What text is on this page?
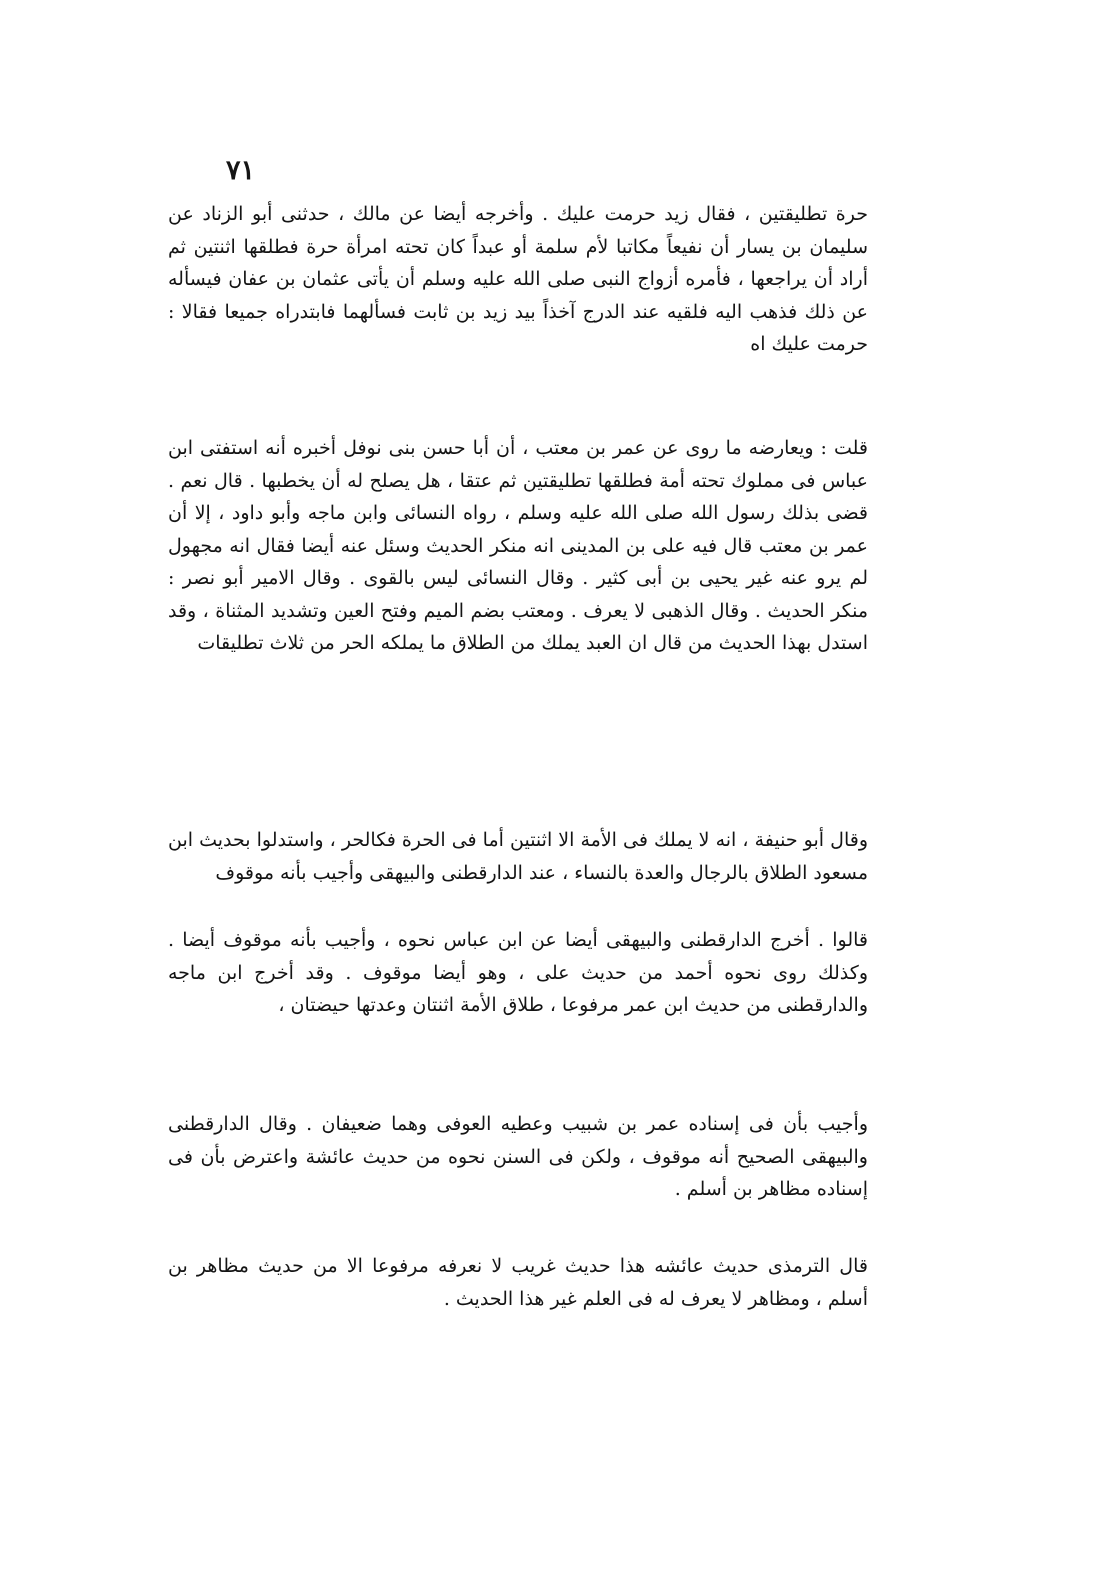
٧١
حرة تطليقتين ، فقال زيد حرمت عليك . وأخرجه أيضا عن مالك ، حدثنى أبو الزناد عن سليمان بن يسار أن نفيعاً مكاتبا لأم سلمة أو عبداً كان تحته امرأة حرة فطلقها اثنتين ثم أراد أن يراجعها ، فأمره أزواج النبى صلى الله عليه وسلم أن يأتى عثمان بن عفان فيسأله عن ذلك فذهب اليه فلقيه عند الدرج آخذاً بيد زيد بن ثابت فسألهما فابتدراه جميعا فقالا : حرمت عليك اه
قلت : ويعارضه ما روى عن عمر بن معتب ، أن أبا حسن بنى نوفل أخبره أنه استفتى ابن عباس فى مملوك تحته أمة فطلقها تطليقتين ثم عتقا ، هل يصلح له أن يخطبها . قال نعم . قضى بذلك رسول الله صلى الله عليه وسلم ، رواه النسائى وابن ماجه وأبو داود ، إلا أن عمر بن معتب قال فيه على بن المدينى انه منكر الحديث وسئل عنه أيضا فقال انه مجهول لم يرو عنه غير يحيى بن أبى كثير . وقال النسائى ليس بالقوى . وقال الامير أبو نصر : منكر الحديث . وقال الذهبى لا يعرف . ومعتب بضم الميم وفتح العين وتشديد المثناة ، وقد استدل بهذا الحديث من قال ان العبد يملك من الطلاق ما يملكه الحر من ثلاث تطليقات
وقال أبو حنيفة ، انه لا يملك فى الأمة الا اثنتين أما فى الحرة فكالحر ، واستدلوا بحديث ابن مسعود الطلاق بالرجال والعدة بالنساء ، عند الدارقطنى والبيهقى وأجيب بأنه موقوف
قالوا . أخرج الدارقطنى والبيهقى أيضا عن ابن عباس نحوه ، وأجيب بأنه موقوف أيضا . وكذلك روى نحوه أحمد من حديث على ، وهو أيضا موقوف . وقد أخرج ابن ماجه والدارقطنى من حديث ابن عمر مرفوعا ، طلاق الأمة اثنتان وعدتها حيضتان ،
وأجيب بأن فى إسناده عمر بن شبيب وعطيه العوفى وهما ضعيفان . وقال الدارقطنى والبيهقى الصحيح أنه موقوف ، ولكن فى السنن نحوه من حديث عائشة واعترض بأن فى إسناده مظاهر بن أسلم .
قال الترمذى حديث عائشه هذا حديث غريب لا نعرفه مرفوعا الا من حديث مظاهر بن أسلم ، ومظاهر لا يعرف له فى العلم غير هذا الحديث .
